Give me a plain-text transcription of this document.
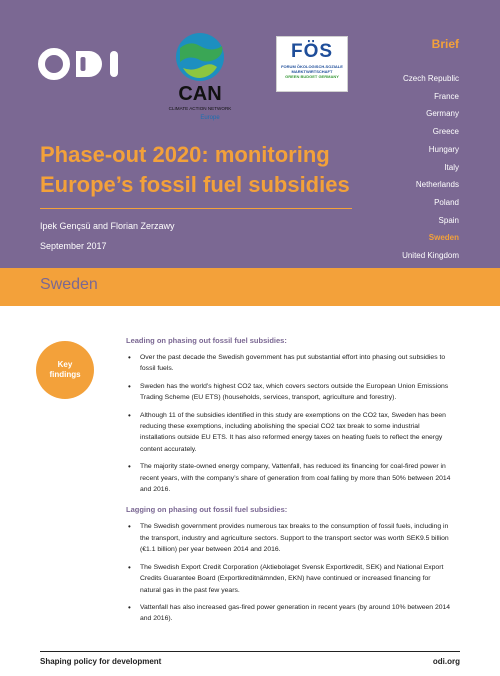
CAN
CLIMATE ACTION NETWORK
Europe
FÖS
FORUM ÖKOLOGISCH-SOZIALE
MARKTWIRTSCHAFT
GREEN BUDGET GERMANY
Phase-out 2020: monitoring Europe’s fossil fuel subsidies
Ipek Gençsü and Florian Zerzawy
September 2017
Brief
Czech Republic
France
Germany
Greece
Hungary
Italy
Netherlands
Poland
Spain
Sweden
United Kingdom
Sweden
Key findings
Leading on phasing out fossil fuel subsidies:
• Over the past decade the Swedish government has put substantial effort into phasing out subsidies to fossil fuels.
• Sweden has the world’s highest CO2 tax, which covers sectors outside the European Union Emissions Trading Scheme (EU ETS) (households, services, transport, agriculture and forestry).
• Although 11 of the subsidies identified in this study are exemptions on the CO2 tax, Sweden has been reducing these exemptions, including abolishing the special CO2 tax break to some industrial installations outside EU ETS. It has also reformed energy taxes on heating fuels to reflect the energy content accurately.
• The majority state-owned energy company, Vattenfall, has reduced its financing for coal-fired power in recent years, with the company’s share of generation from coal falling by more than 50% between 2014 and 2016.
Lagging on phasing out fossil fuel subsidies:
• The Swedish government provides numerous tax breaks to the consumption of fossil fuels, including in the transport, industry and agriculture sectors. Support to the transport sector was worth SEK9.5 billion (€1.1 billion) per year between 2014 and 2016.
• The Swedish Export Credit Corporation (Aktiebolaget Svensk Exportkredit, SEK) and National Export Credits Guarantee Board (Exportkreditnämnden, EKN) have continued or increased financing for natural gas in the past few years.
• Vattenfall has also increased gas-fired power generation in recent years (by around 10% between 2014 and 2016).
Shaping policy for development	odi.org
